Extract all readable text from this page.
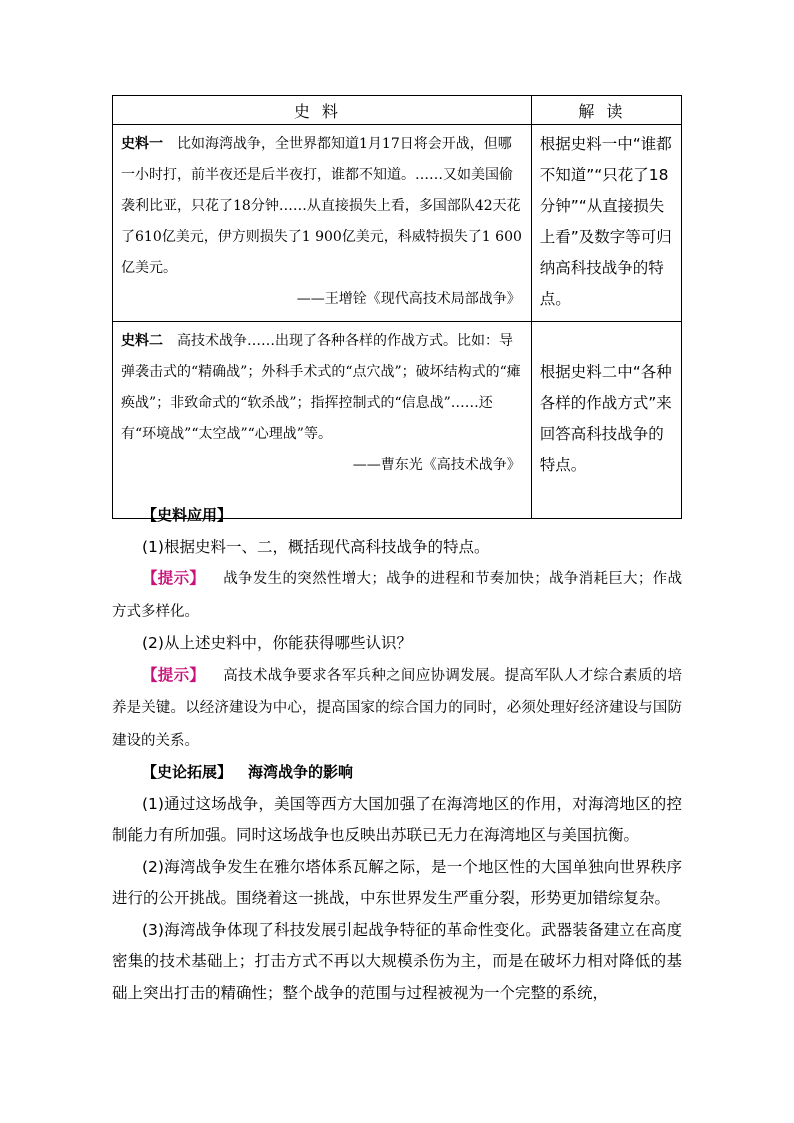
史料	解读
史料一 比如海湾战争，全世界都知道1月17日将会开战，但哪一小时打，前半夜还是后半夜打，谁都不知道。……又如美国偷袭利比亚，只花了18分钟……从直接损失上看，多国部队42天花了610亿美元，伊方则损失了1 900亿美元，科威特损失了1 600亿美元。
——王增铨《现代高技术局部战争》	根据史料一中“谁都不知道”“只花了18分钟”“从直接损失上看”及数字等可归纳高科技战争的特点。
史料二 高技术战争……出现了各种各样的作战方式。比如：导弹袭击式的“精确战”；外科手术式的“点穴战”；破坏结构式的“瘫痪战”；非致命式的“软杀战”；指挥控制式的“信息战”……还有“环境战”“太空战”“心理战”等。
——曹东光《高技术战争》	根据史料二中“各种各样的作战方式”来回答高科技战争的特点。

【史料应用】

(1)根据史料一、二，概括现代高科技战争的特点。

【提示】 战争发生的突然性增大；战争的进程和节奏加快；战争消耗巨大；作战方式多样化。

(2)从上述史料中，你能获得哪些认识？

【提示】 高技术战争要求各军兵种之间应协调发展。提高军队人才综合素质的培养是关键。以经济建设为中心，提高国家的综合国力的同时，必须处理好经济建设与国防建设的关系。

【史论拓展】 海湾战争的影响

(1)通过这场战争，美国等西方大国加强了在海湾地区的作用，对海湾地区的控制能力有所加强。同时这场战争也反映出苏联已无力在海湾地区与美国抗衡。

(2)海湾战争发生在雅尔塔体系瓦解之际，是一个地区性的大国单独向世界秩序进行的公开挑战。围绕着这一挑战，中东世界发生严重分裂，形势更加错综复杂。

(3)海湾战争体现了科技发展引起战争特征的革命性变化。武器装备建立在高度密集的技术基础上；打击方式不再以大规模杀伤为主，而是在破坏力相对降低的基础上突出打击的精确性；整个战争的范围与过程被视为一个完整的系统，
